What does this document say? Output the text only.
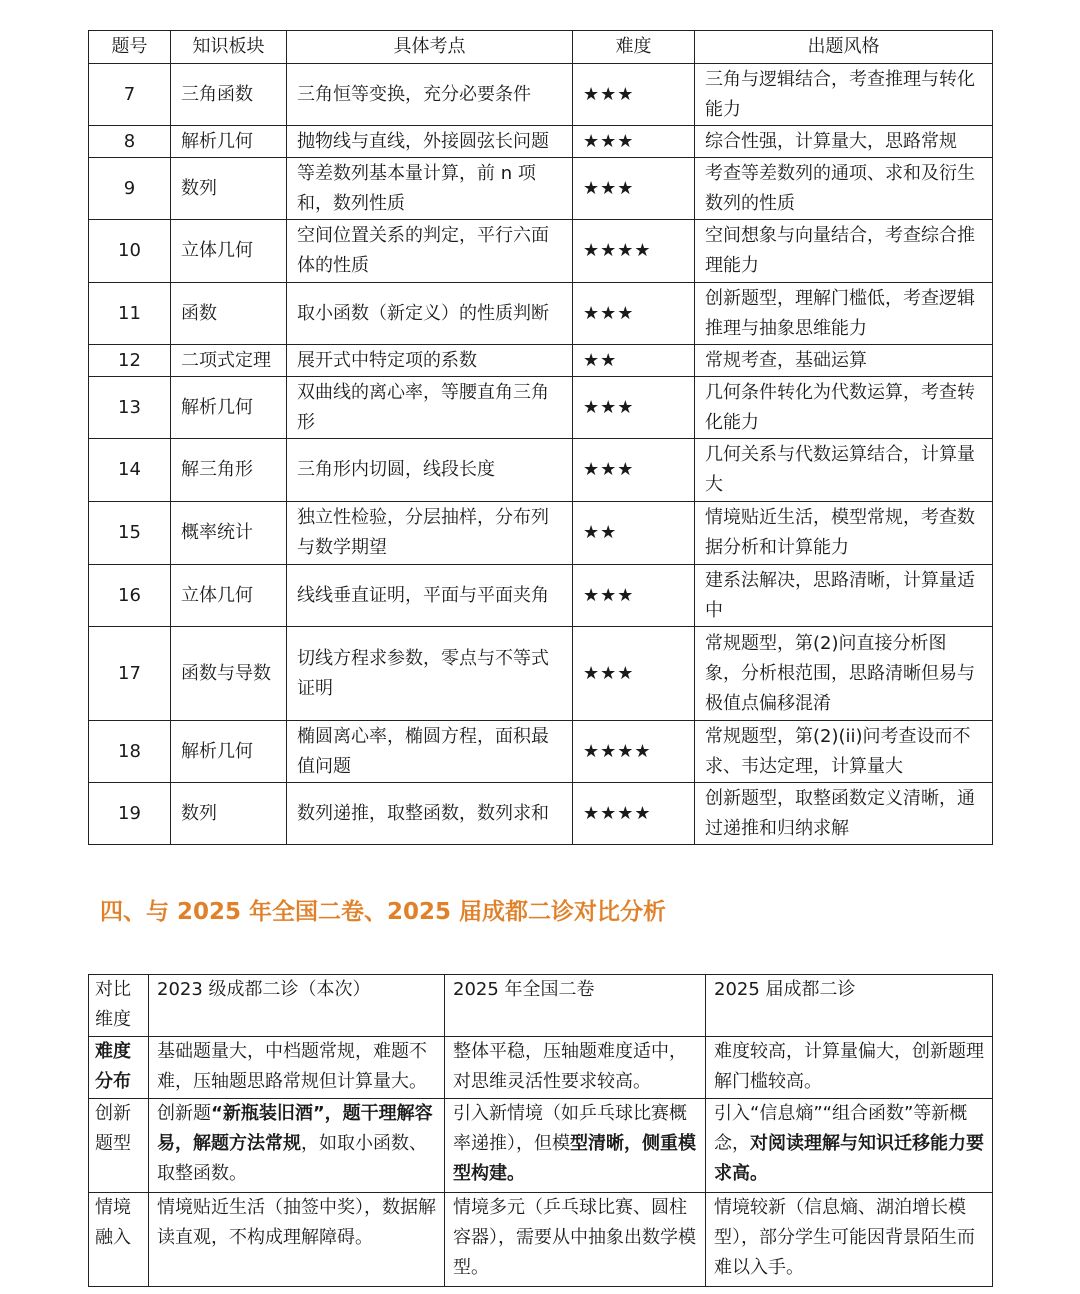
题号	知识板块	具体考点	难度	出题风格
7	三角函数	三角恒等变换，充分必要条件	★★★	三角与逻辑结合，考查推理与转化能力
8	解析几何	抛物线与直线，外接圆弦长问题	★★★	综合性强，计算量大，思路常规
9	数列	等差数列基本量计算，前 n 项和，数列性质	★★★	考查等差数列的通项、求和及衍生数列的性质
10	立体几何	空间位置关系的判定，平行六面体的性质	★★★★	空间想象与向量结合，考查综合推理能力
11	函数	取小函数（新定义）的性质判断	★★★	创新题型，理解门槛低，考查逻辑推理与抽象思维能力
12	二项式定理	展开式中特定项的系数	★★	常规考查，基础运算
13	解析几何	双曲线的离心率，等腰直角三角形	★★★	几何条件转化为代数运算，考查转化能力
14	解三角形	三角形内切圆，线段长度	★★★	几何关系与代数运算结合，计算量大
15	概率统计	独立性检验，分层抽样，分布列与数学期望	★★	情境贴近生活，模型常规，考查数据分析和计算能力
16	立体几何	线线垂直证明，平面与平面夹角	★★★	建系法解决，思路清晰，计算量适中
17	函数与导数	切线方程求参数，零点与不等式证明	★★★	常规题型，第(2)问直接分析图象，分析根范围，思路清晰但易与极值点偏移混淆
18	解析几何	椭圆离心率，椭圆方程，面积最值问题	★★★★	常规题型，第(2)(ii)问考查设而不求、韦达定理，计算量大
19	数列	数列递推，取整函数，数列求和	★★★★	创新题型，取整函数定义清晰，通过递推和归纳求解
四、与 2025 年全国二卷、2025 届成都二诊对比分析
对比维度	2023 级成都二诊（本次）	2025 年全国二卷	2025 届成都二诊
难度分布	基础题量大，中档题常规，难题不难，压轴题思路常规但计算量大。	整体平稳，压轴题难度适中，对思维灵活性要求较高。	难度较高，计算量偏大，创新题理解门槛较高。
创新题型	创新题“新瓶装旧酒”，题干理解容易，解题方法常规，如取小函数、取整函数。	引入新情境（如乒乓球比赛概率递推），但模型清晰，侧重模型构建。	引入“信息熵”“组合函数”等新概念，对阅读理解与知识迁移能力要求高。
情境融入	情境贴近生活（抽签中奖），数据解读直观，不构成理解障碍。	情境多元（乒乓球比赛、圆柱容器），需要从中抽象出数学模型。	情境较新（信息熵、湖泊增长模型），部分学生可能因背景陌生而难以入手。
